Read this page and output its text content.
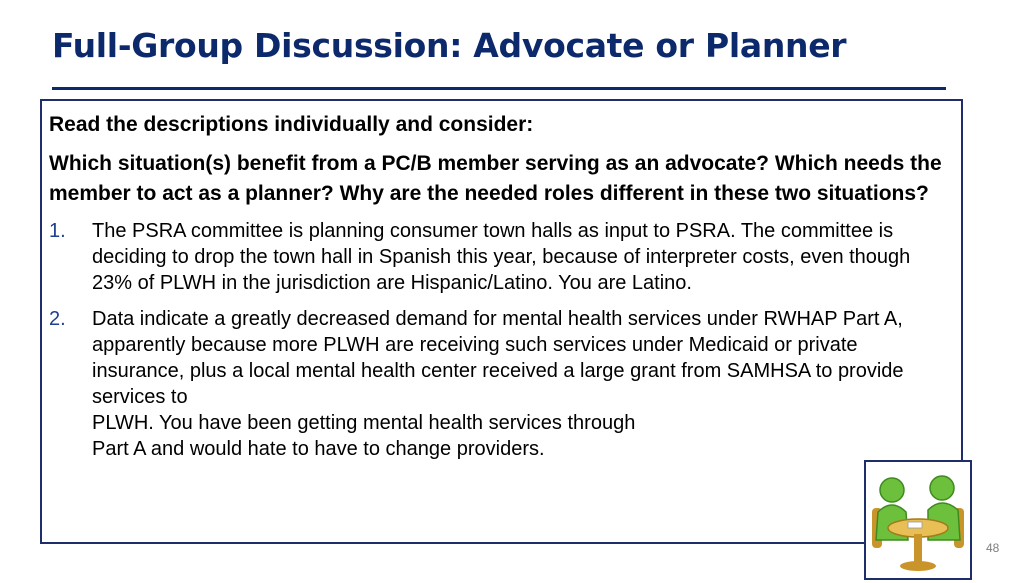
Full-Group Discussion: Advocate or Planner

Read the descriptions individually and consider:

Which situation(s) benefit from a PC/B member serving as an advocate? Which needs the member to act as a planner? Why are the needed roles different in these two situations?

1. The PSRA committee is planning consumer town halls as input to PSRA. The committee is deciding to drop the town hall in Spanish this year, because of interpreter costs, even though 23% of PLWH in the jurisdiction are Hispanic/Latino. You are Latino.
2. Data indicate a greatly decreased demand for mental health services under RWHAP Part A, apparently because more PLWH are receiving such services under Medicaid or private insurance, plus a local mental health center received a large grant from SAMHSA to provide services to
PLWH. You have been getting mental health services through
Part A and would hate to have to change providers.
48
